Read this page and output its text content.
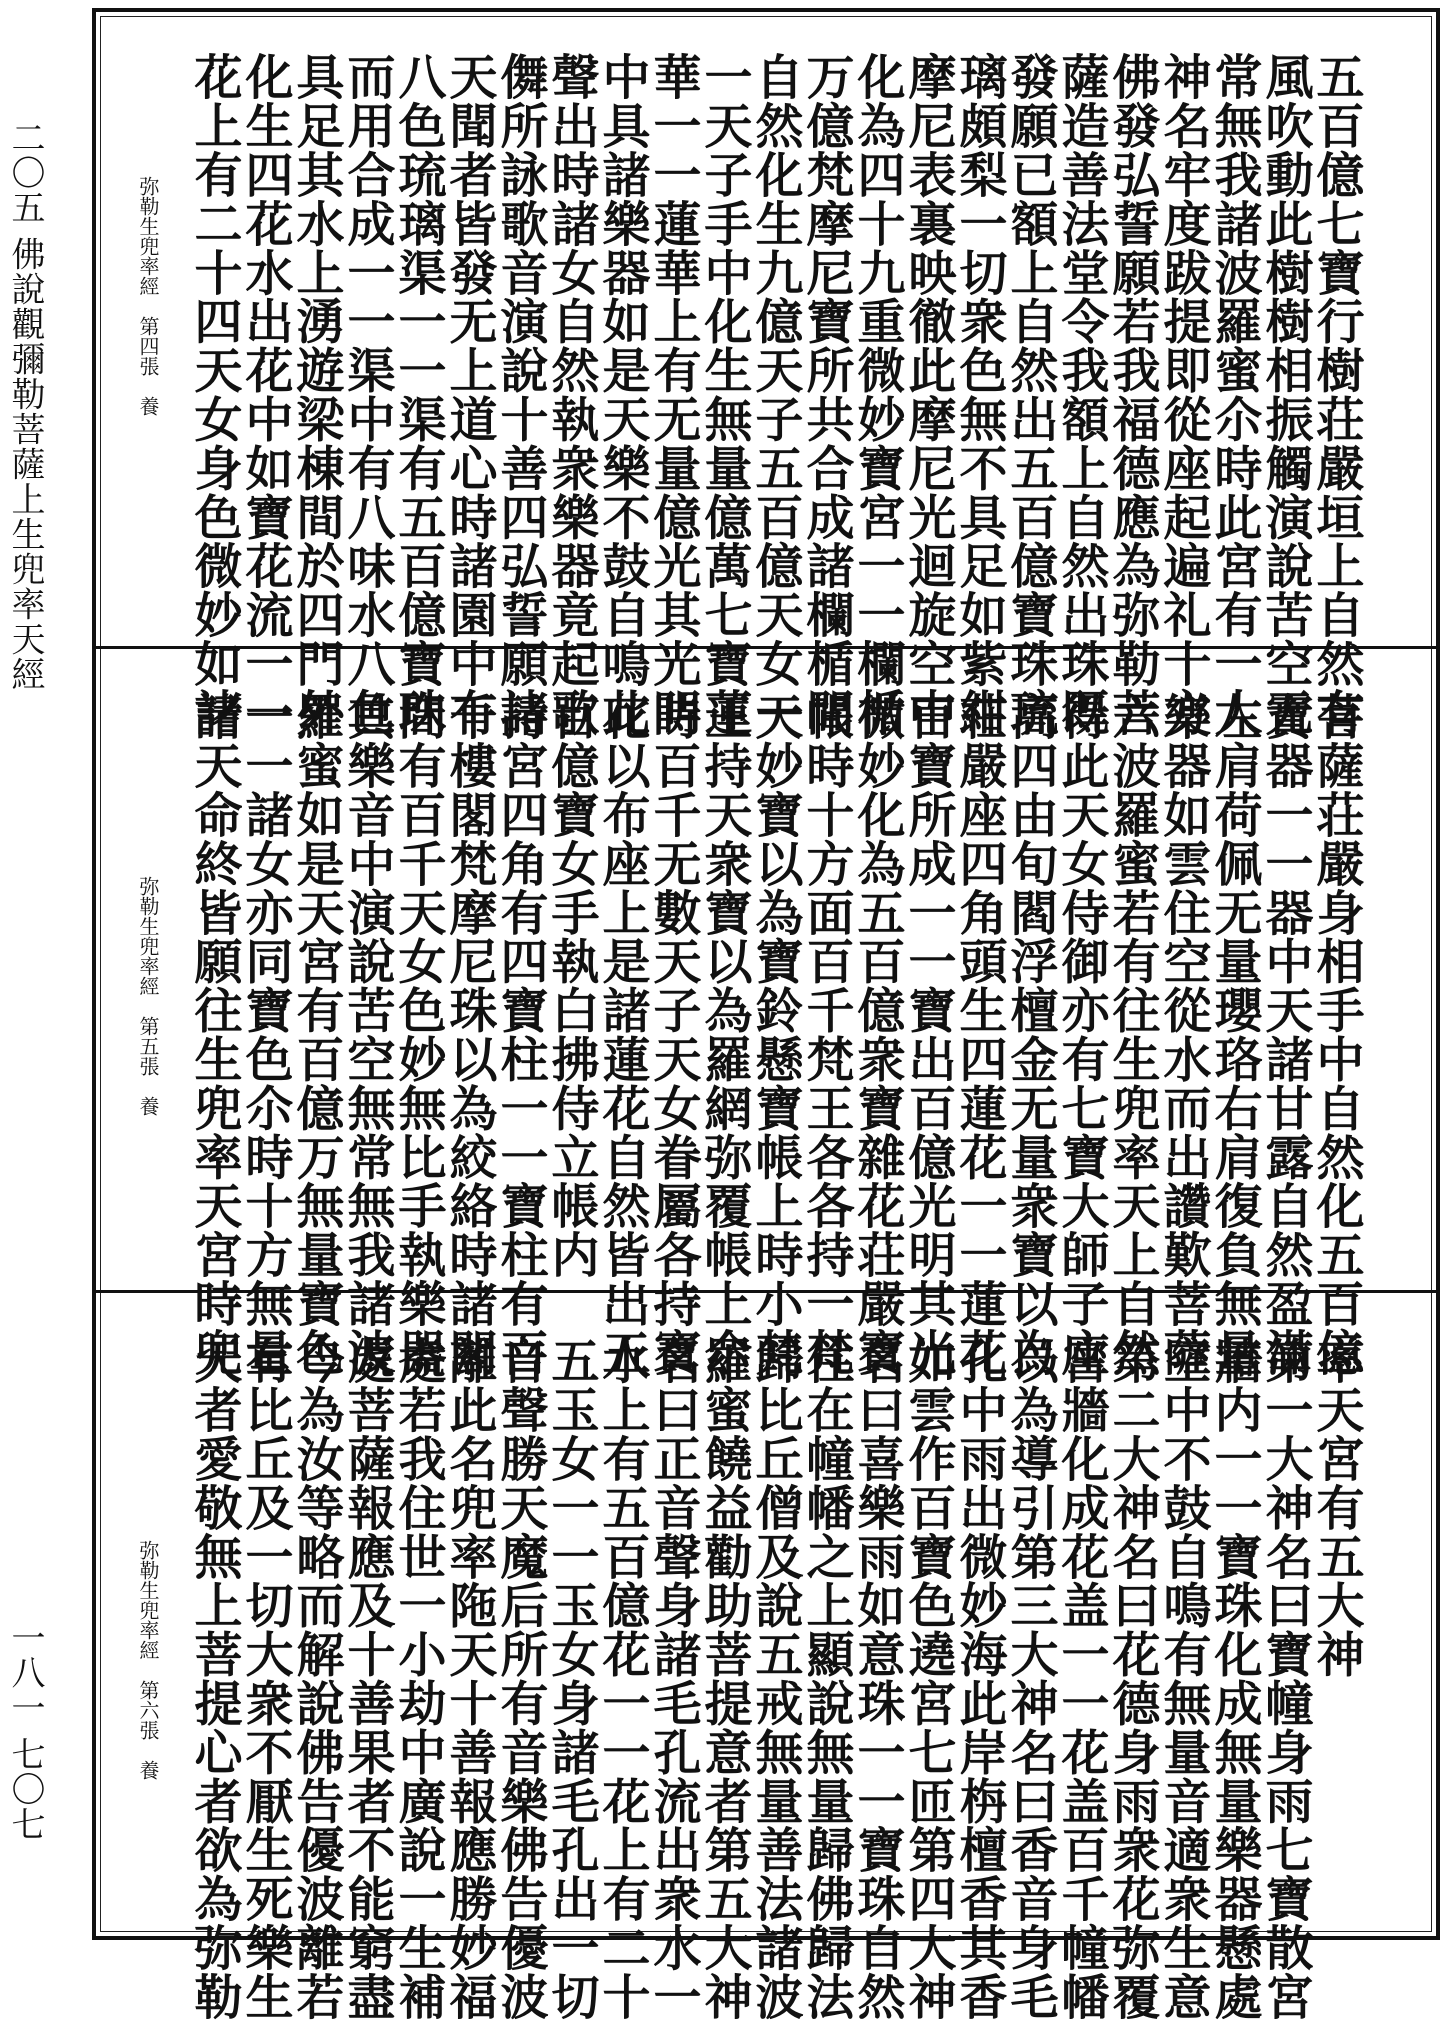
二〇五 佛說觀彌勒菩薩上生兜率天經
一八一 七〇七
五百億七寶行樹荘嚴垣上自然有
風吹動此樹樹相振觸演說苦空无
常無我諸波羅蜜尒時此宮有一大
神名牢度跋提即從座起遍礼十方
佛發弘誓願若我福德應為弥勒菩
薩造善法堂令我額上自然出珠既
發願已額上自然出五百億寶珠琉
璃頗梨一切衆色無不具足如紫紺
摩尼表裏映徹此摩尼光迴旋空中
化為四十九重微妙寶宮一一欄楯
万億梵摩尼寶所共合成諸欄楯間
自然化生九億天子五百億天女一
一天子手中化生無量億萬七寶蓮
華一一蓮華上有无量億光其光明
中具諸樂器如是天樂不鼓自鳴此
聲出時諸女自然執衆樂器竟起歌
儛所詠歌音演說十善四弘誓願諸
天聞者皆發无上道心時諸園中有
八色琉璃渠一一渠有五百億寶珠
而用合成一一渠中有八味水八色
具足其水上湧遊梁棟間於四門外
化生四花水出花中如寶花流一一
花上有二十四天女身色微妙如諸
弥勒生兜率經　第四張　養
菩薩荘嚴身相手中自然化五百億
寶器一一器中天諸甘露自然盈滿
左肩荷佩无量瓔珞右肩復負無量
樂器如雲住空從水而出讚歎菩薩
六波羅蜜若有往生兜率天上自然
得此天女侍御亦有七寶大師子座
高四由旬閻浮檀金无量衆寶以為
荘嚴座四角頭生四蓮花一一蓮花
百寶所成一一寶出百億光明其光
微妙化為五百億衆寶雜花荘嚴寶
帳時十方面百千梵王各各持一梵
天妙寶以為寶鈴懸寶帳上時小梵
王持天衆寶以為羅網弥覆帳上尒
時百千无數天子天女眷屬各持寶
花以布座上是諸蓮花自然皆出五
百億寶女手執白拂侍立帳内
持宮四角有四寶柱一一寶柱有百
千樓閣梵摩尼珠以為絞絡時諸閣
間有百千天女色妙無比手執樂器
其樂音中演說苦空無常無我諸波
羅蜜如是天宮有百億万無量寶色
一一諸女亦同寶色尒時十方無量
諸天命終皆願往生兜率天宮時兜
弥勒生兜率經　第五張　養
率天宮有五大神
第一大神名曰寶幢身雨七寶散宮
牆内一一寶珠化成無量樂器懸處
空中不鼓自鳴有無量音適衆生意
第二大神名曰花德身雨衆花弥覆
宮牆化成花盖一一花盖百千幢幡
以為導引第三大神名曰香音身毛
孔中雨出微妙海此岸栴檀香其香
如雲作百寶色遶宮七匝第四大神
名曰喜樂雨如意珠一一寶珠自然
住在幢幡之上顯說無量歸佛歸法
歸比丘僧及說五戒無量善法諸波
羅蜜饒益勸助菩提意者第五大神
名曰正音聲身諸毛孔流出衆水一
水上有五百億花一一花上有二十
五玉女一一玉女身諸毛孔出一切
音聲勝天魔后所有音樂佛告優波
離此名兜率陁天十善報應勝妙福
處若我住世一小劫中廣說一生補
處菩薩報應及十善果者不能窮盡
今為汝等略而解說佛告優波離若
有比丘及一切大衆不厭生死樂生
天者愛敬無上菩提心者欲為弥勒
弥勒生兜率經　第六張　養
